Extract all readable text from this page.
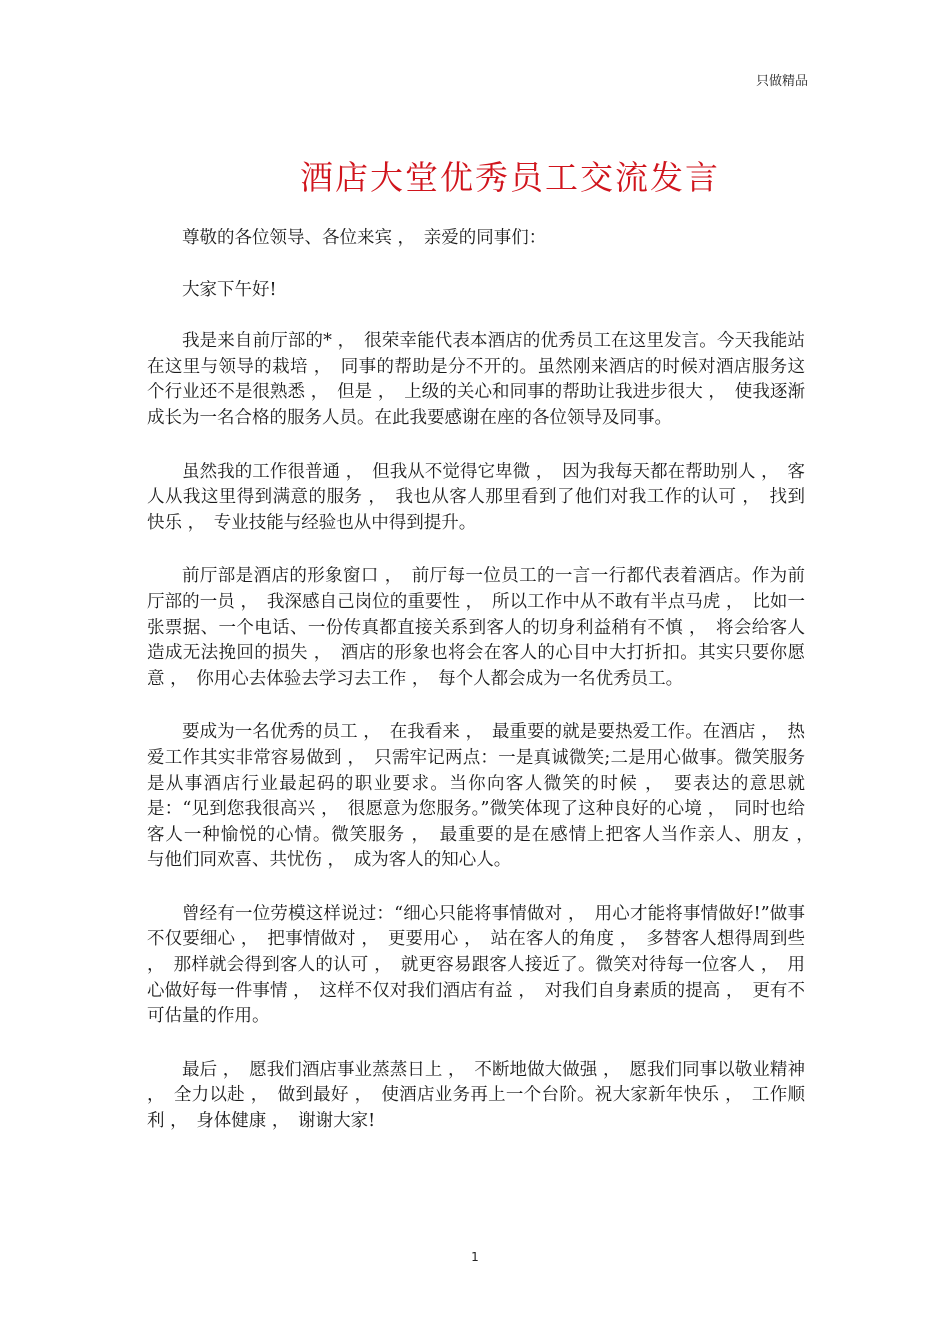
只做精品
酒店大堂优秀员工交流发言

尊敬的各位领导、各位来宾 ，　亲爱的同事们：

大家下午好!

我是来自前厅部的* ，　很荣幸能代表本酒店的优秀员工在这里发言。今天我能站在这里与领导的栽培 ，　同事的帮助是分不开的。虽然刚来酒店的时候对酒店服务这个行业还不是很熟悉 ，　但是 ，　上级的关心和同事的帮助让我进步很大 ，　使我逐渐成长为一名合格的服务人员。在此我要感谢在座的各位领导及同事。

虽然我的工作很普通 ，　但我从不觉得它卑微 ，　因为我每天都在帮助别人 ，　客人从我这里得到满意的服务 ，　我也从客人那里看到了他们对我工作的认可 ，　找到快乐 ，　专业技能与经验也从中得到提升。

前厅部是酒店的形象窗口 ，　前厅每一位员工的一言一行都代表着酒店。作为前厅部的一员 ，　我深感自己岗位的重要性 ，　所以工作中从不敢有半点马虎 ，　比如一张票据、一个电话、一份传真都直接关系到客人的切身利益稍有不慎 ，　将会给客人造成无法挽回的损失 ，　酒店的形象也将会在客人的心目中大打折扣。其实只要你愿意 ，　你用心去体验去学习去工作 ，　每个人都会成为一名优秀员工。

要成为一名优秀的员工 ，　在我看来 ，　最重要的就是要热爱工作。在酒店 ，　热爱工作其实非常容易做到 ，　只需牢记两点：一是真诚微笑;二是用心做事。微笑服务是从事酒店行业最起码的职业要求。当你向客人微笑的时候 ，　要表达的意思就是：“见到您我很高兴 ，　很愿意为您服务。”微笑体现了这种良好的心境 ，　同时也给客人一种愉悦的心情。微笑服务 ，　最重要的是在感情上把客人当作亲人、朋友 ，　与他们同欢喜、共忧伤 ，　成为客人的知心人。

曾经有一位劳模这样说过：“细心只能将事情做对 ，　用心才能将事情做好!”做事不仅要细心 ，　把事情做对 ，　更要用心 ，　站在客人的角度 ，　多替客人想得周到些 ，　那样就会得到客人的认可 ，　就更容易跟客人接近了。微笑对待每一位客人 ，　用心做好每一件事情 ，　这样不仅对我们酒店有益 ，　对我们自身素质的提高 ，　更有不可估量的作用。

最后 ，　愿我们酒店事业蒸蒸日上 ，　不断地做大做强 ，　愿我们同事以敬业精神 ，　全力以赴 ，　做到最好 ，　使酒店业务再上一个台阶。祝大家新年快乐 ，　工作顺利 ，　身体健康 ，　谢谢大家!

1
